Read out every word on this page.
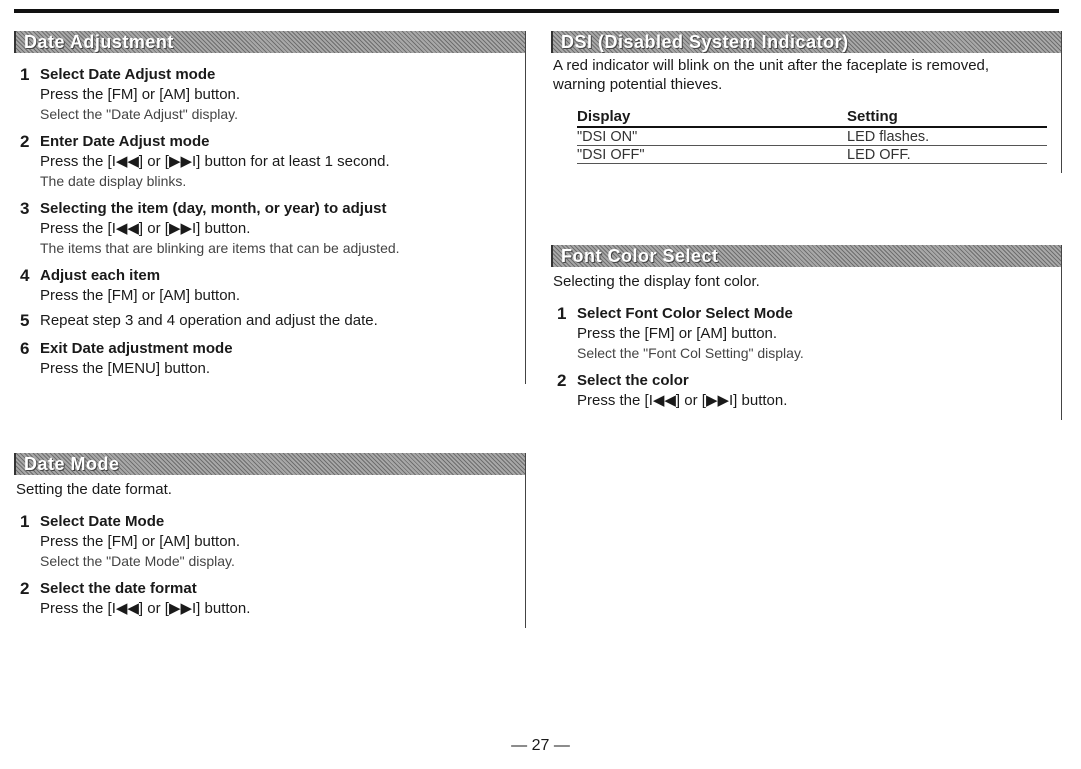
Date Adjustment
1 Select Date Adjust mode
Press the [FM] or [AM] button.
Select the "Date Adjust" display.
2 Enter Date Adjust mode
Press the [I◀◀] or [▶▶I] button for at least 1 second.
The date display blinks.
3 Selecting the item (day, month, or year) to adjust
Press the [I◀◀] or [▶▶I] button.
The items that are blinking are items that can be adjusted.
4 Adjust each item
Press the [FM] or [AM] button.
5 Repeat step 3 and 4 operation and adjust the date.
6 Exit Date adjustment mode
Press the [MENU] button.
Date Mode
Setting the date format.
1 Select Date Mode
Press the [FM] or [AM] button.
Select the "Date Mode" display.
2 Select the date format
Press the [I◀◀] or [▶▶I] button.
DSI (Disabled System Indicator)
A red indicator will blink on the unit after the faceplate is removed, warning potential thieves.
Display	Setting
"DSI ON"	LED flashes.
"DSI OFF"	LED OFF.
Font Color Select
Selecting the display font color.
1 Select Font Color Select Mode
Press the [FM] or [AM] button.
Select the "Font Col Setting" display.
2 Select the color
Press the [I◀◀] or [▶▶I] button.
— 27 —
